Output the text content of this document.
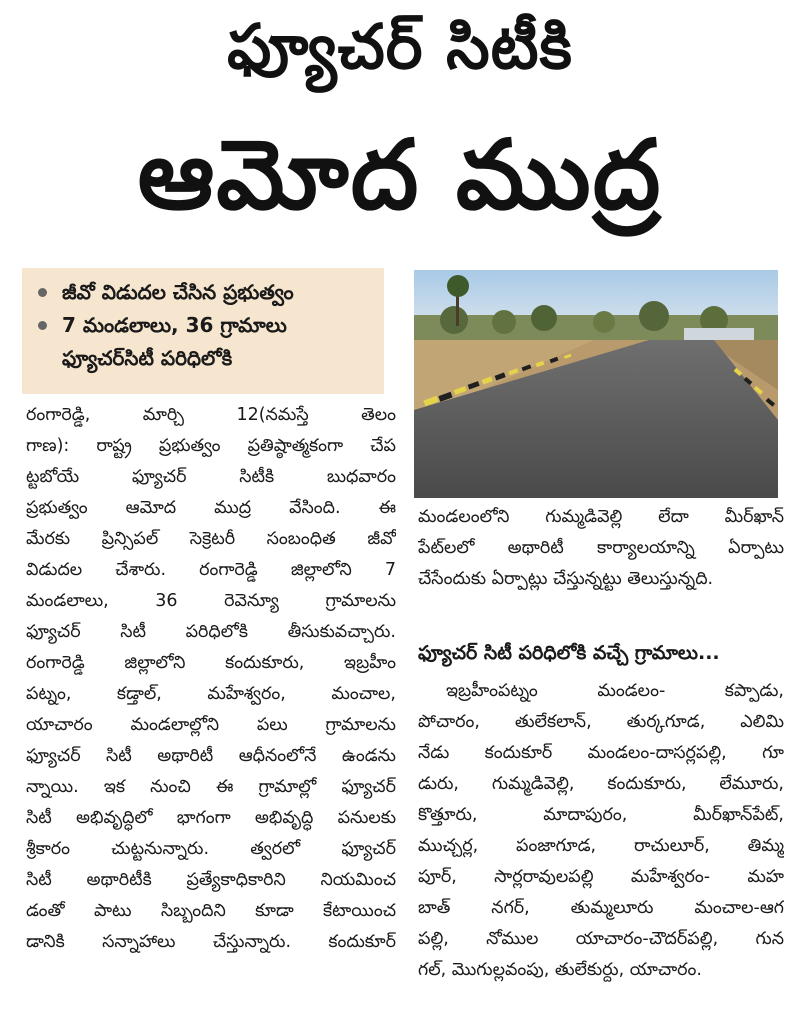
ఫ్యూచర్ సిటీకి
ఆమోద ముద్ర
జీవో విడుదల చేసిన ప్రభుత్వం
7 మండలాలు, 36 గ్రామాలు
ఫ్యూచర్‌సిటీ పరిధిలోకి
రంగారెడ్డి, మార్చి 12(నమస్తే తెలం
గాణ): రాష్ట్ర ప్రభుత్వం ప్రతిష్ఠాత్మకంగా చేప
ట్టబోయే ఫ్యూచర్ సిటీకి బుధవారం
ప్రభుత్వం ఆమోద ముద్ర వేసింది. ఈ
మేరకు ప్రిన్సిపల్ సెక్రెటరీ సంబంధిత జీవో
విడుదల చేశారు. రంగారెడ్డి జిల్లాలోని 7
మండలాలు, 36 రెవెన్యూ గ్రామాలను
ఫ్యూచర్ సిటీ పరిధిలోకి తీసుకువచ్చారు.
రంగారెడ్డి జిల్లాలోని కందుకూరు, ఇబ్రహీం
పట్నం, కడ్తాల్, మహేశ్వరం, మంచాల,
యాచారం మండలాల్లోని పలు గ్రామాలను
ఫ్యూచర్ సిటీ అథారిటీ ఆధీనంలోనే ఉండను
న్నాయి. ఇక నుంచి ఈ గ్రామాల్లో ఫ్యూచర్
సిటీ అభివృద్ధిలో భాగంగా అభివృద్ధి పనులకు
శ్రీకారం చుట్టనున్నారు. త్వరలో ఫ్యూచర్
సిటీ అథారిటీకి ప్రత్యేకాధికారిని నియమించ
డంతో పాటు సిబ్బందిని కూడా కేటాయించ
డానికి సన్నాహాలు చేస్తున్నారు. కందుకూర్
మండలంలోని గుమ్మడివెల్లి లేదా మీర్‌ఖాన్
పేట్‌లలో అథారిటీ కార్యాలయాన్ని ఏర్పాటు
చేసేందుకు ఏర్పాట్లు చేస్తున్నట్టు తెలుస్తున్నది.
ఫ్యూచర్ సిటీ పరిధిలోకి వచ్చే గ్రామాలు...
ఇబ్రహీంపట్నం మండలం- కప్పాడు,
పోచారం, తులేకలాన్, తుర్కగూడ, ఎలిమి
నేడు కందుకూర్ మండలం-దాసర్లపల్లి, గూ
డురు, గుమ్మడివెల్లి, కందుకూరు, లేమూరు,
కొత్తూరు, మాదాపురం, మీర్‌ఖాన్‌పేట్,
ముచ్చర్ల, పంజాగూడ, రాచులూర్, తిమ్మ
పూర్, సార్లరావులపల్లి మహేశ్వరం- మహ
బాత్ నగర్, తుమ్మలూరు మంచాల-ఆగ
పల్లి, నోముల యాచారం-చౌదర్‌పల్లి, గున
గల్, మొగుల్లవంపు, తులేకుర్దు, యాచారం.
